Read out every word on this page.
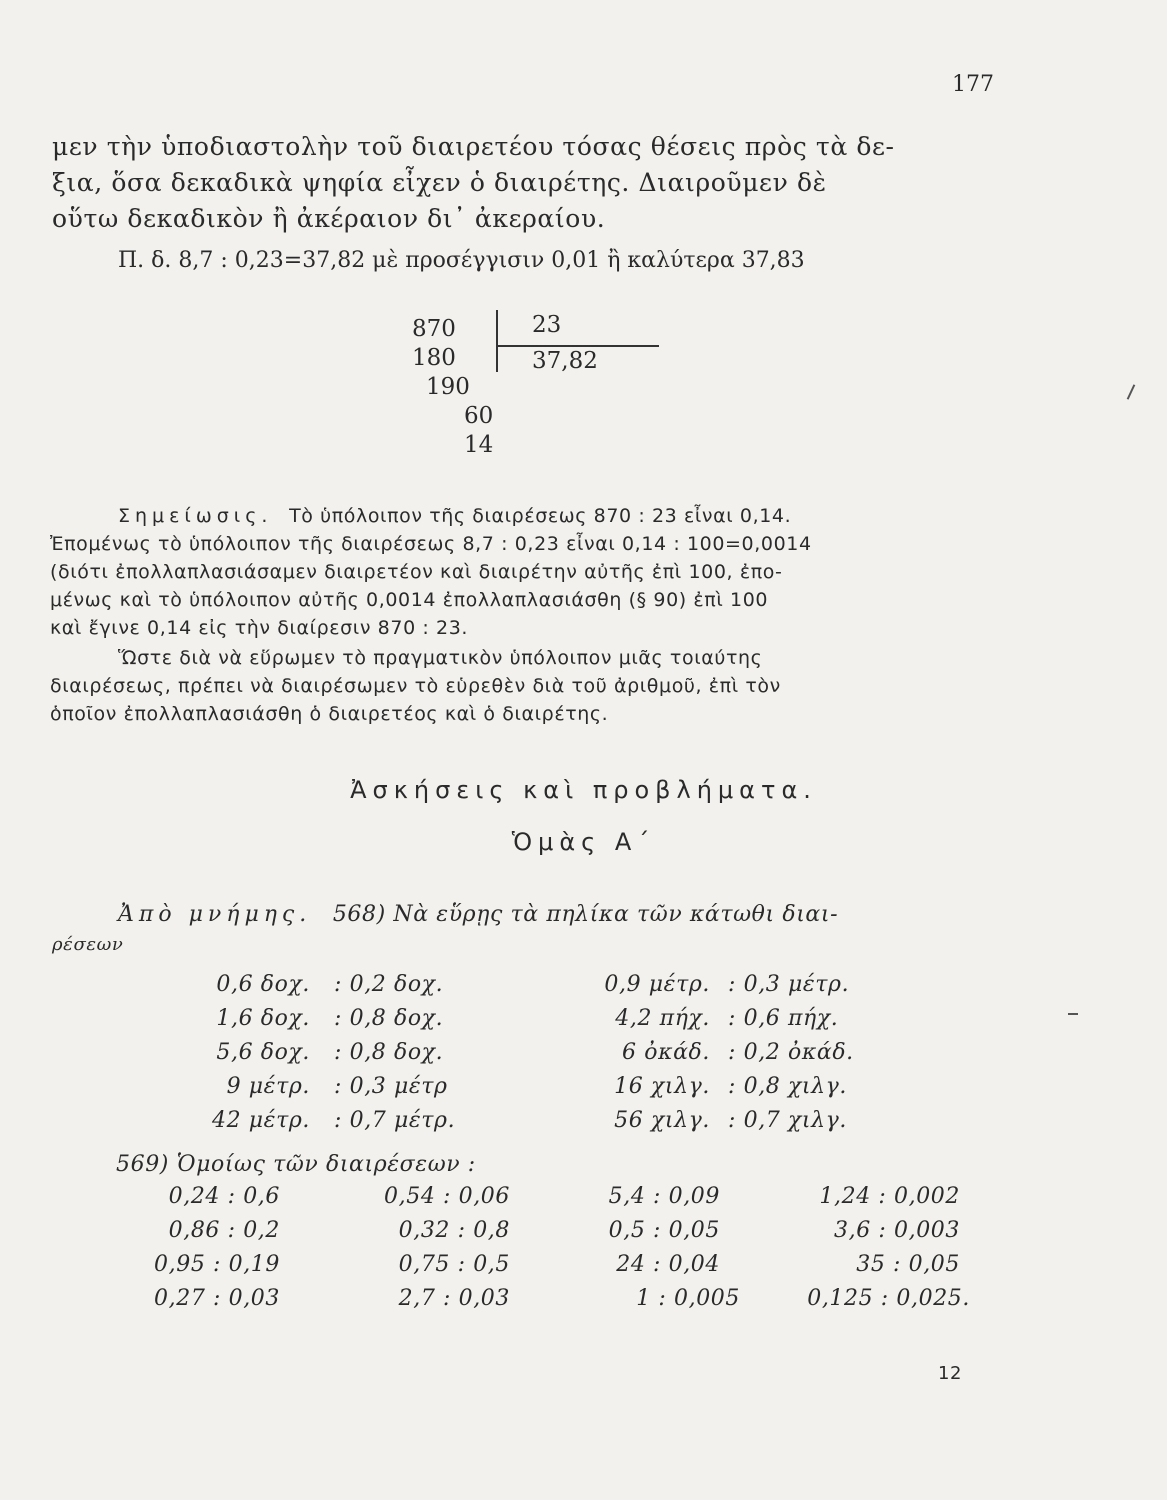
177
μεν τὴν ὑποδιαστολὴν τοῦ διαιρετέου τόσας θέσεις πρὸς τὰ δε-
ξια, ὅσα δεκαδικὰ ψηφία εἶχεν ὁ διαιρέτης. Διαιροῦμεν δὲ
οὕτω δεκαδικὸν ἢ ἀκέραιον δι᾽ ἀκεραίου.
Π. δ. 8,7 : 0,23=37,82 μὲ προσέγγισιν 0,01 ἢ καλύτερα 37,83
870
180
190
60
14
23
37,82
Σημείωσις. Τὸ ὑπόλοιπον τῆς διαιρέσεως 870 : 23 εἶναι 0,14.
Ἐπομένως τὸ ὑπόλοιπον τῆς διαιρέσεως 8,7 : 0,23 εἶναι 0,14 : 100=0,0014
(διότι ἐπολλαπλασιάσαμεν διαιρετέον καὶ διαιρέτην αὐτῆς ἐπὶ 100, ἐπο-
μένως καὶ τὸ ὑπόλοιπον αὐτῆς 0,0014 ἐπολλαπλασιάσθη (§ 90) ἐπὶ 100
καὶ ἔγινε 0,14 εἰς τὴν διαίρεσιν 870 : 23.
Ὥστε διὰ νὰ εὕρωμεν τὸ πραγματικὸν ὑπόλοιπον μιᾶς τοιαύτης
διαιρέσεως, πρέπει νὰ διαιρέσωμεν τὸ εὑρεθὲν διὰ τοῦ ἀριθμοῦ, ἐπὶ τὸν
ὁποῖον ἐπολλαπλασιάσθη ὁ διαιρετέος καὶ ὁ διαιρέτης.
Ἀσκήσεις καὶ προβλήματα.
Ὁμὰς Α΄
Ἀπὸ μνήμης. 568) Νὰ εὕρῃς τὰ πηλίκα τῶν κάτωθι διαι-
ρέσεων
0,6 δοχ. : 0,2 δοχ.	0,9 μέτρ. : 0,3 μέτρ.
1,6 δοχ. : 0,8 δοχ.	4,2 πήχ. : 0,6 πήχ.
5,6 δοχ. : 0,8 δοχ.	6 ὀκάδ. : 0,2 ὀκάδ.
9 μέτρ. : 0,3 μέτρ	16 χιλγ. : 0,8 χιλγ.
42 μέτρ. : 0,7 μέτρ.	56 χιλγ. : 0,7 χιλγ.
569) Ὁμοίως τῶν διαιρέσεων :
0,24 : 0,6	0,54 : 0,06	5,4 : 0,09	1,24 : 0,002
0,86 : 0,2	0,32 : 0,8	0,5 : 0,05	3,6 : 0,003
0,95 : 0,19	0,75 : 0,5	24 : 0,04	35 : 0,05
0,27 : 0,03	2,7 : 0,03	1 : 0,005	0,125 : 0,025.
12
